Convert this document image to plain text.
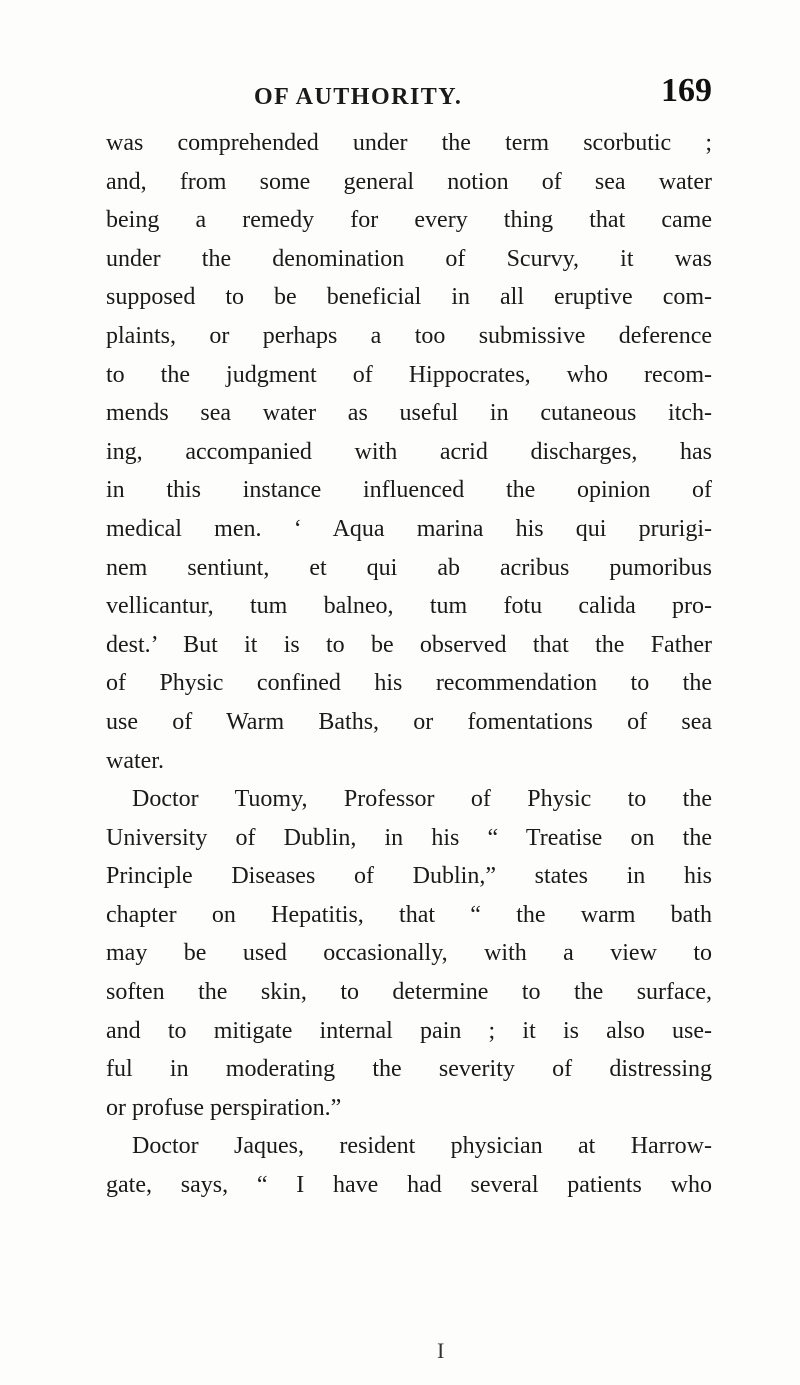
OF AUTHORITY.	169
was comprehended under the term scorbutic ;
and, from some general notion of sea water
being a remedy for every thing that came
under the denomination of Scurvy, it was
supposed to be beneficial in all eruptive com-
plaints, or perhaps a too submissive deference
to the judgment of Hippocrates, who recom-
mends sea water as useful in cutaneous itch-
ing, accompanied with acrid discharges, has
in this instance influenced the opinion of
medical men. ‘ Aqua marina his qui prurigi-
nem sentiunt, et qui ab acribus pumoribus
vellicantur, tum balneo, tum fotu calida pro-
dest.’ But it is to be observed that the Father
of Physic confined his recommendation to the
use of Warm Baths, or fomentations of sea
water.
Doctor Tuomy, Professor of Physic to the
University of Dublin, in his “ Treatise on the
Principle Diseases of Dublin,” states in his
chapter on Hepatitis, that “ the warm bath
may be used occasionally, with a view to
soften the skin, to determine to the surface,
and to mitigate internal pain ; it is also use-
ful in moderating the severity of distressing
or profuse perspiration.”
Doctor Jaques, resident physician at Harrow-
gate, says, “ I have had several patients who
I
